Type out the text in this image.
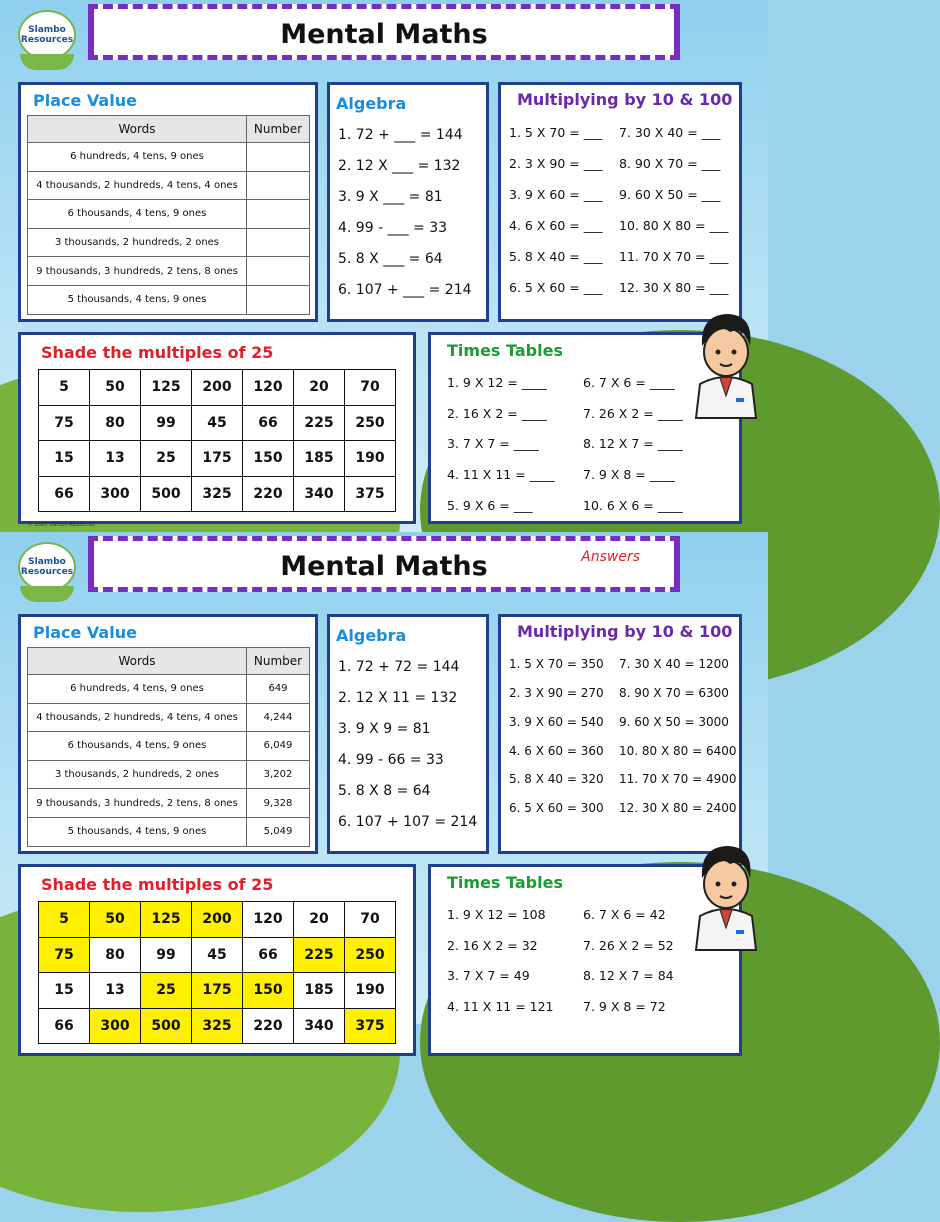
Slambo
Resources	Mental Maths
Place Value
Words	Number
6 hundreds, 4 tens, 9 ones	
4 thousands, 2 hundreds, 4 tens, 4 ones	
6 thousands, 4 tens, 9 ones	
3 thousands, 2 hundreds, 2 ones	
9 thousands, 3 hundreds, 2 tens, 8 ones	
5 thousands, 4 tens, 9 ones	
Algebra
1. 72 + ___ = 144
2. 12 X ___ = 132
3. 9 X ___ = 81
4. 99 - ___ = 33
5. 8 X ___ = 64
6. 107 + ___ = 214
Multiplying by 10 & 100
1. 5 X 70 = ___
2. 3 X 90 = ___
3. 9 X 60 = ___
4. 6 X 60 = ___
5. 8 X 40 = ___
6. 5 X 60 = ___
7. 30 X 40 = ___
8. 90 X 70 = ___
9. 60 X 50 = ___
10. 80 X 80 = ___
11. 70 X 70 = ___
12. 30 X 80 = ___
Shade the multiples of 25
5	50	125	200	120	20	70
75	80	99	45	66	225	250
15	13	25	175	150	185	190
66	300	500	325	220	340	375
Times Tables
1. 9 X 12 = ____
2. 16 X 2 = ____
3. 7 X 7 = ____
4. 11 X 11 = ____
5. 9 X 6 = ___
6. 7 X 6 = ____
7. 26 X 2 = ____
8. 12 X 7 = ____
7. 9 X 8 = ____
10. 6 X 6 = ____
© 2020 Slambo Resources
Slambo
Resources	Mental Maths	Answers
Place Value
Words	Number
6 hundreds, 4 tens, 9 ones	649
4 thousands, 2 hundreds, 4 tens, 4 ones	4,244
6 thousands, 4 tens, 9 ones	6,049
3 thousands, 2 hundreds, 2 ones	3,202
9 thousands, 3 hundreds, 2 tens, 8 ones	9,328
5 thousands, 4 tens, 9 ones	5,049
Algebra
1. 72 + 72 = 144
2. 12 X 11 = 132
3. 9 X 9 = 81
4. 99 - 66 = 33
5. 8 X 8 = 64
6. 107 + 107 = 214
Multiplying by 10 & 100
1. 5 X 70 = 350
2. 3 X 90 = 270
3. 9 X 60 = 540
4. 6 X 60 = 360
5. 8 X 40 = 320
6. 5 X 60 = 300
7. 30 X 40 = 1200
8. 90 X 70 = 6300
9. 60 X 50 = 3000
10. 80 X 80 = 6400
11. 70 X 70 = 4900
12. 30 X 80 = 2400
Shade the multiples of 25
5	50	125	200	120	20	70
75	80	99	45	66	225	250
15	13	25	175	150	185	190
66	300	500	325	220	340	375
Times Tables
1. 9 X 12 = 108
2. 16 X 2 = 32
3. 7 X 7 = 49
4. 11 X 11 = 121
6. 7 X 6 = 42
7. 26 X 2 = 52
8. 12 X 7 = 84
7. 9 X 8 = 72
